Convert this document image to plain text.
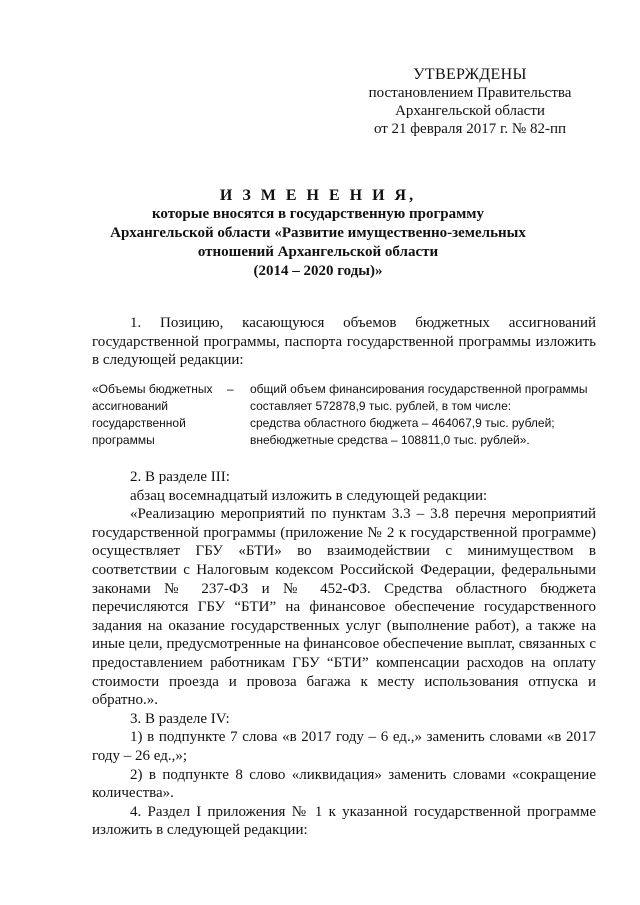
УТВЕРЖДЕНЫ
постановлением Правительства
Архангельской области
от 21 февраля 2017 г. № 82-пп
И З М Е Н Е Н И Я,
которые вносятся в государственную программу
Архангельской области «Развитие имущественно-земельных
отношений Архангельской области
(2014 – 2020 годы)»

1. Позицию, касающуюся объемов бюджетных ассигнований государственной программы, паспорта государственной программы изложить в следующей редакции:

«Объемы бюджетных
ассигнований
государственной
программы
– общий объем финансирования государственной программы
составляет 572878,9 тыс. рублей, в том числе:
средства областного бюджета – 464067,9 тыс. рублей;
внебюджетные средства – 108811,0 тыс. рублей».

2. В разделе III:

абзац восемнадцатый изложить в следующей редакции:

«Реализацию мероприятий по пунктам 3.3 – 3.8 перечня мероприятий государственной программы (приложение № 2 к государственной программе) осуществляет ГБУ «БТИ» во взаимодействии с минимуществом в соответствии с Налоговым кодексом Российской Федерации, федеральными законами № 237-ФЗ и № 452-ФЗ. Средства областного бюджета перечисляются ГБУ “БТИ” на финансовое обеспечение государственного задания на оказание государственных услуг (выполнение работ), а также на иные цели, предусмотренные на финансовое обеспечение выплат, связанных с предоставлением работникам ГБУ “БТИ” компенсации расходов на оплату стоимости проезда и провоза багажа к месту использования отпуска и обратно.».

3. В разделе IV:

1) в подпункте 7 слова «в 2017 году – 6 ед.,» заменить словами «в 2017 году – 26 ед.,»;

2) в подпункте 8 слово «ликвидация» заменить словами «сокращение количества».

4. Раздел I приложения № 1 к указанной государственной программе изложить в следующей редакции:
